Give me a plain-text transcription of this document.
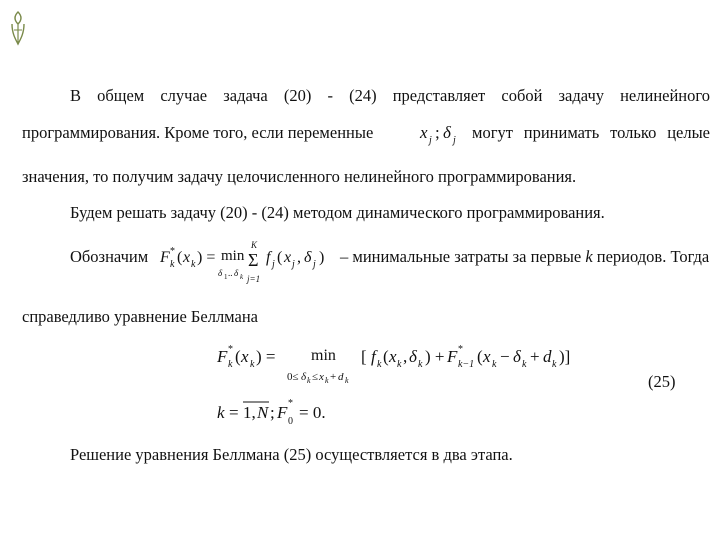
В общем случае задача (20) - (24) представляет собой задачу нелинейного
программирования. Кроме того, если переменные	x j ; δ j могут принимать только целые
значения, то получим задачу целочисленного нелинейного программирования.
Будем решать задачу (20) - (24) методом динамического программирования.
Обозначим F *
k ( x k ) = min
δ 1 .. δ k
K
Σ
j=1
f j ( x j , δ j ) – минимальные затраты за первые k периодов. Тогда
справедливо уравнение Беллмана
F *
k ( x k ) = min
0≤ δ k ≤ x k + d k
[ f k ( x k , δ k ) + F *
k−1 ( x k − δ k + d k )]
k = 1, N ; F *
0 = 0.
(25)
Решение уравнения Беллмана (25) осуществляется в два этапа.
